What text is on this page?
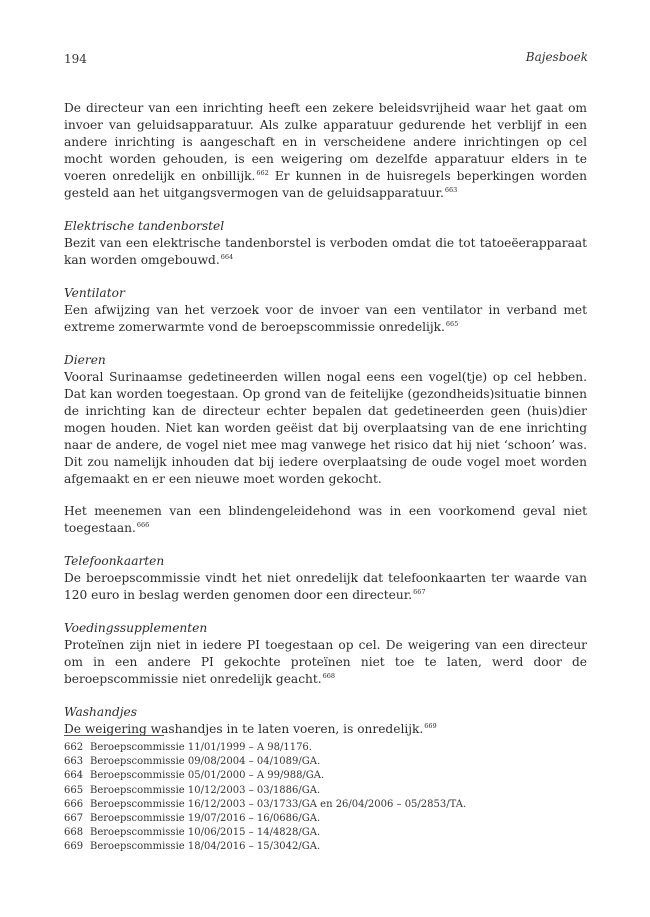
194	Bajesboek

De directeur van een inrichting heeft een zekere beleidsvrijheid waar het gaat om invoer van geluidsapparatuur. Als zulke apparatuur gedurende het verblijf in een andere inrichting is aangeschaft en in verscheidene andere inrichtingen op cel mocht worden gehouden, is een weigering om dezelfde apparatuur elders in te voeren onredelijk en onbillijk.$^{662}$ Er kunnen in de huisregels beperkingen worden gesteld aan het uitgangsvermogen van de geluidsapparatuur.$^{663}$

Elektrische tandenborstel

Bezit van een elektrische tandenborstel is verboden omdat die tot tatoeëerapparaat kan worden omgebouwd.$^{664}$

Ventilator

Een afwijzing van het verzoek voor de invoer van een ventilator in verband met extreme zomerwarmte vond de beroepscommissie onredelijk.$^{665}$

Dieren

Vooral Surinaamse gedetineerden willen nogal eens een vogel(tje) op cel hebben. Dat kan worden toegestaan. Op grond van de feitelijke (gezondheids)situatie binnen de inrichting kan de directeur echter bepalen dat gedetineerden geen (huis)dier mogen houden. Niet kan worden geëist dat bij overplaatsing van de ene inrichting naar de andere, de vogel niet mee mag vanwege het risico dat hij niet ‘schoon’ was. Dit zou namelijk inhouden dat bij iedere overplaatsing de oude vogel moet worden afgemaakt en er een nieuwe moet worden gekocht.

Het meenemen van een blindengeleidehond was in een voorkomend geval niet toegestaan.$^{666}$

Telefoonkaarten

De beroepscommissie vindt het niet onredelijk dat telefoonkaarten ter waarde van 120 euro in beslag werden genomen door een directeur.$^{667}$

Voedingssupplementen

Proteïnen zijn niet in iedere PI toegestaan op cel. De weigering van een directeur om in een andere PI gekochte proteïnen niet toe te laten, werd door de beroepscommissie niet onredelijk geacht.$^{668}$

Washandjes

De weigering washandjes in te laten voeren, is onredelijk.$^{669}$

662 Beroepscommissie 11/01/1999 – A 98/1176.
663 Beroepscommissie 09/08/2004 – 04/1089/GA.
664 Beroepscommissie 05/01/2000 – A 99/988/GA.
665 Beroepscommissie 10/12/2003 – 03/1886/GA.
666 Beroepscommissie 16/12/2003 – 03/1733/GA en 26/04/2006 – 05/2853/TA.
667 Beroepscommissie 19/07/2016 – 16/0686/GA.
668 Beroepscommissie 10/06/2015 – 14/4828/GA.
669 Beroepscommissie 18/04/2016 – 15/3042/GA.
